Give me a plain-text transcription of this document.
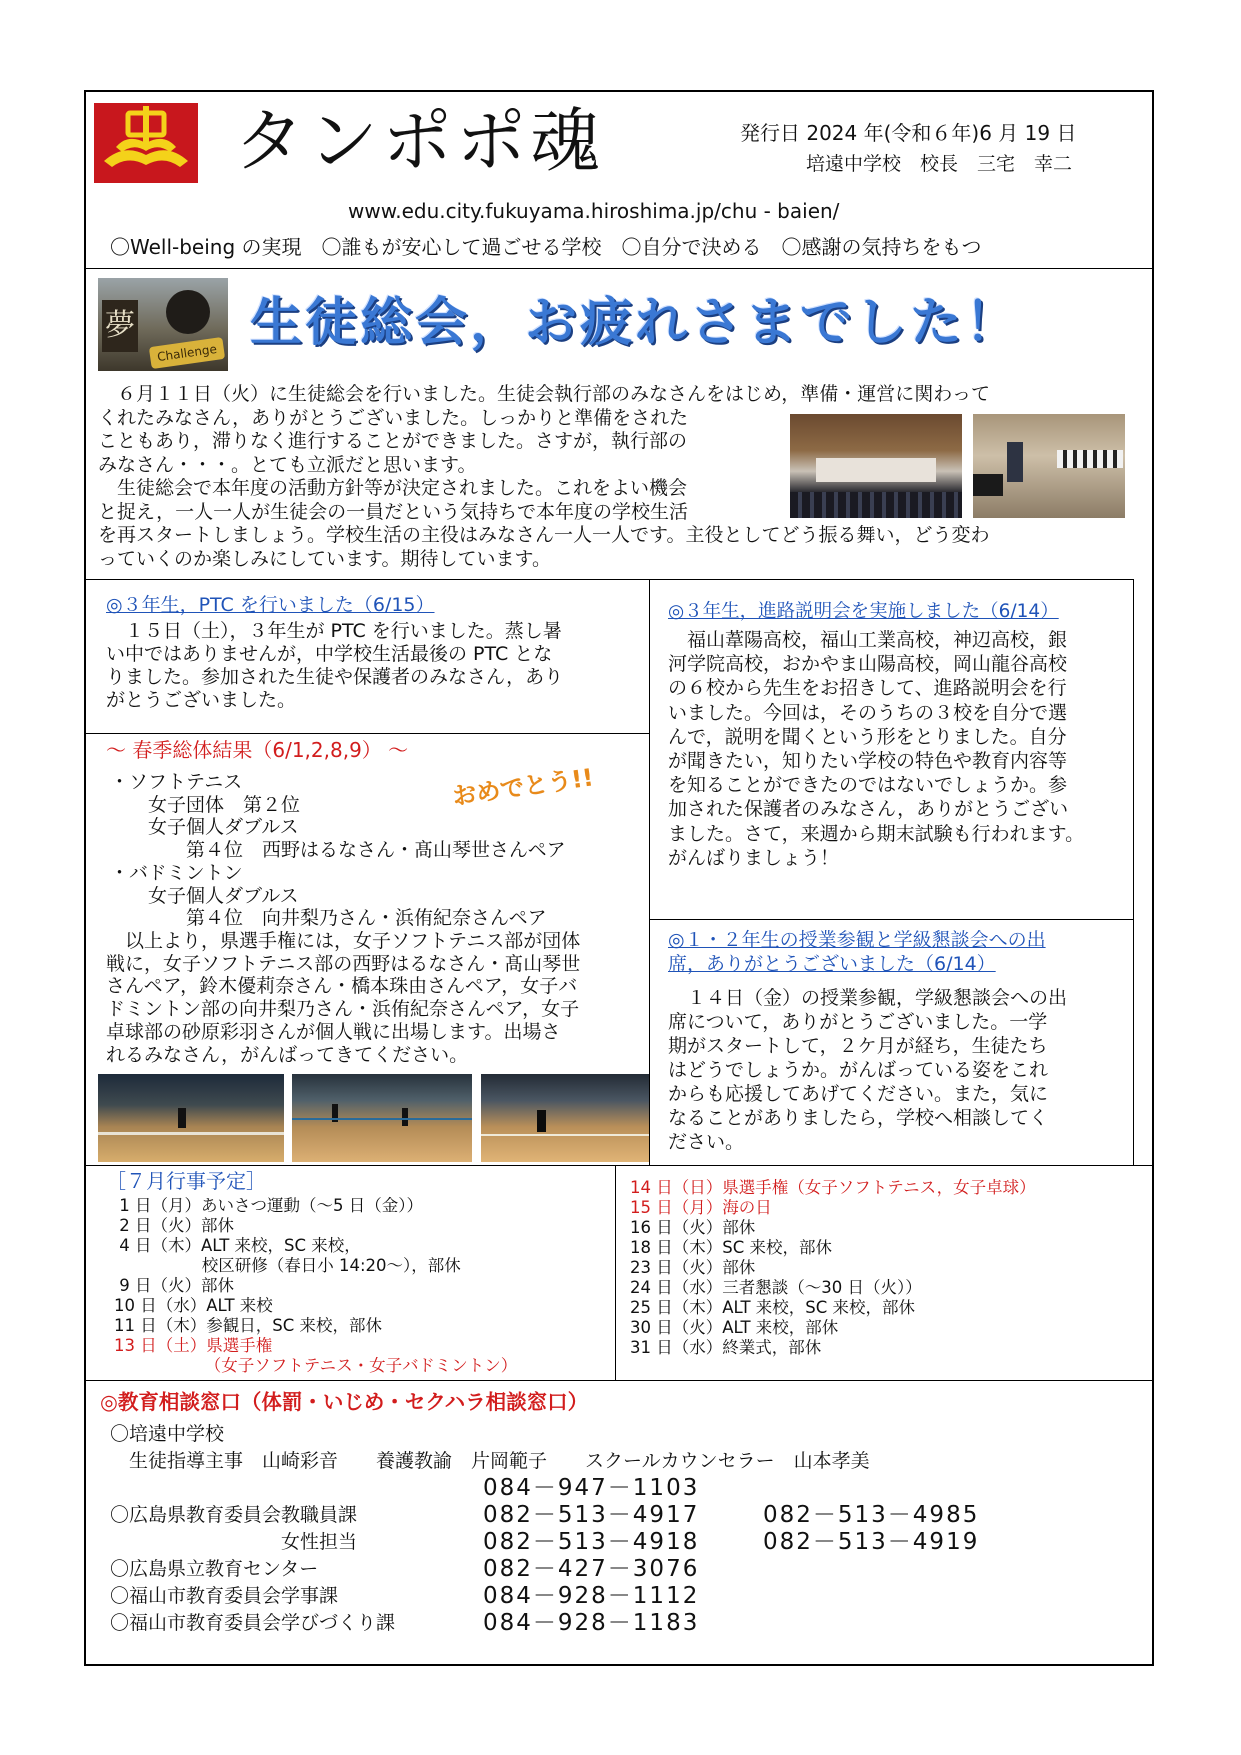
タンポポ魂	発行日 2024 年(令和６年)6 月 19 日
培遠中学校　校長　三宅　幸二
www.edu.city.fukuyama.hiroshima.jp/chu - baien/
〇Well-being の実現　〇誰もが安心して過ごせる学校　〇自分で決める　〇感謝の気持ちをもつ
夢
Challenge 生徒総会，お疲れさまでした！
　６月１１日（火）に生徒総会を行いました。生徒会執行部のみなさんをはじめ，準備・運営に関わって
くれたみなさん，ありがとうございました。しっかりと準備をされた
こともあり，滞りなく進行することができました。さすが，執行部の
みなさん・・・。とても立派だと思います。
　生徒総会で本年度の活動方針等が決定されました。これをよい機会
と捉え，一人一人が生徒会の一員だという気持ちで本年度の学校生活
を再スタートしましょう。学校生活の主役はみなさん一人一人です。主役としてどう振る舞い，どう変わ
っていくのか楽しみにしています。期待しています。
◎３年生，PTC を行いました（6/15）
　１５日（土），３年生が PTC を行いました。蒸し暑
い中ではありませんが，中学校生活最後の PTC とな
りました。参加された生徒や保護者のみなさん，あり
がとうございました。
～ 春季総体結果（6/1,2,8,9） ～
おめでとう!!
・ソフトテニス
　　女子団体　第２位
　　女子個人ダブルス
　　　　第４位　西野はるなさん・髙山琴世さんペア
・バドミントン
　　女子個人ダブルス
　　　　第４位　向井梨乃さん・浜侑紀奈さんペア
　以上より，県選手権には，女子ソフトテニス部が団体
戦に，女子ソフトテニス部の西野はるなさん・髙山琴世
さんペア，鈴木優莉奈さん・橋本珠由さんペア，女子バ
ドミントン部の向井梨乃さん・浜侑紀奈さんペア，女子
卓球部の砂原彩羽さんが個人戦に出場します。出場さ
れるみなさん，がんばってきてください。
◎３年生，進路説明会を実施しました（6/14）
　福山葦陽高校，福山工業高校，神辺高校，銀
河学院高校，おかやま山陽高校，岡山龍谷高校
の６校から先生をお招きして、進路説明会を行
いました。今回は，そのうちの３校を自分で選
んで，説明を聞くという形をとりました。自分
が聞きたい，知りたい学校の特色や教育内容等
を知ることができたのではないでしょうか。参
加された保護者のみなさん，ありがとうござい
ました。さて，来週から期末試験も行われます。
がんばりましょう！
◎１・２年生の授業参観と学級懇談会への出
席，ありがとうございました（6/14）
　１４日（金）の授業参観，学級懇談会への出
席について，ありがとうございました。一学
期がスタートして，２ケ月が経ち，生徒たち
はどうでしょうか。がんばっている姿をこれ
からも応援してあげてください。また，気に
なることがありましたら，学校へ相談してく
ださい。
［７月行事予定］
1 日（月）あいさつ運動（～5 日（金））
2 日（火）部休
4 日（木）ALT 来校，SC 来校，
　　　　　 校区研修（春日小 14:20～），部休
9 日（火）部休
10 日（水）ALT 来校
11 日（木）参観日，SC 来校，部休
13 日（土）県選手権
　　　　　　（女子ソフトテニス・女子バドミントン）
14 日（日）県選手権（女子ソフトテニス，女子卓球）
15 日（月）海の日
16 日（火）部休
18 日（木）SC 来校，部休
23 日（火）部休
24 日（水）三者懇談（～30 日（火））
25 日（木）ALT 来校，SC 来校，部休
30 日（火）ALT 来校，部休
31 日（水）終業式，部休
◎教育相談窓口（体罰・いじめ・セクハラ相談窓口）
〇培遠中学校
　生徒指導主事　山崎彩音　　養護教諭　片岡範子　　スクールカウンセラー　山本孝美
084－947－1103
〇広島県教育委員会教職員課	082－513－4917	082－513－4985
　　　　　　　　　女性担当	082－513－4918	082－513－4919
〇広島県立教育センター	082－427－3076
〇福山市教育委員会学事課	084－928－1112
〇福山市教育委員会学びづくり課	084－928－1183
